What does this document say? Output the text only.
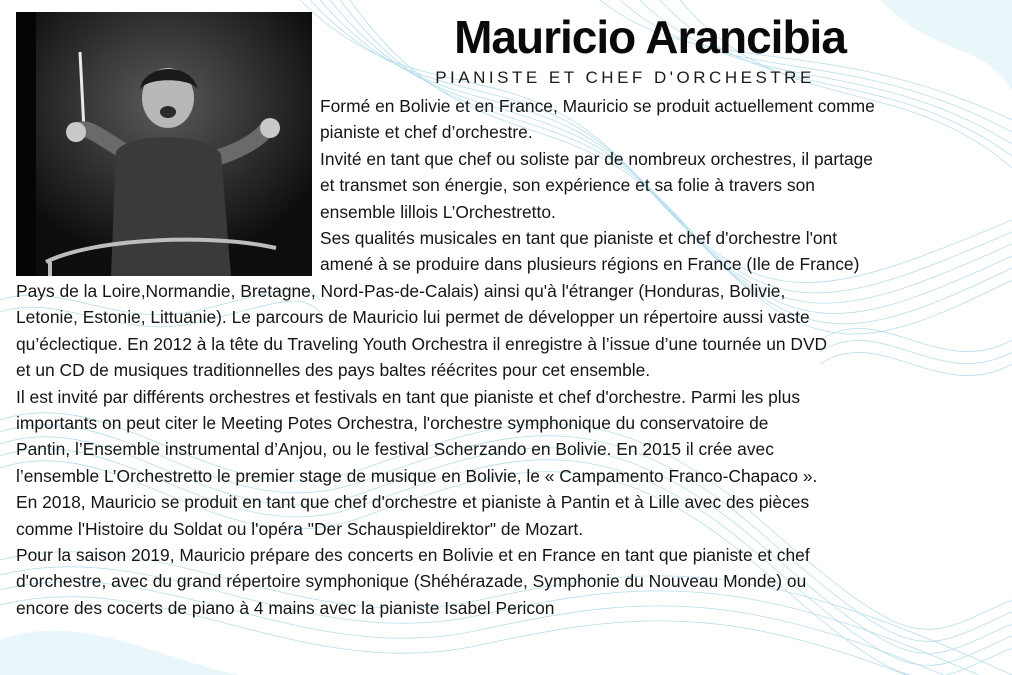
Mauricio Arancibia
PIANISTE ET CHEF D'ORCHESTRE
Formé en Bolivie et en France, Mauricio se produit actuellement comme
pianiste et chef d’orchestre.
Invité en tant que chef ou soliste par de nombreux orchestres, il partage
et transmet son énergie, son expérience et sa folie à travers son
ensemble lillois L’Orchestretto.
Ses qualités musicales en tant que pianiste et chef d'orchestre l'ont
amené à se produire dans plusieurs régions en France (Ile de France)
Pays de la Loire,Normandie, Bretagne, Nord-Pas-de-Calais) ainsi qu'à l'étranger (Honduras, Bolivie,
Letonie, Estonie, Littuanie). Le parcours de Mauricio lui permet de développer un répertoire aussi vaste
qu’éclectique. En 2012 à la tête du Traveling Youth Orchestra il enregistre à l’issue d’une tournée un DVD
et un CD de musiques traditionnelles des pays baltes réécrites pour cet ensemble.
Il est invité par différents orchestres et festivals en tant que pianiste et chef d'orchestre. Parmi les plus
importants on peut citer le Meeting Potes Orchestra, l'orchestre symphonique du conservatoire de
Pantin, l’Ensemble instrumental d’Anjou, ou le festival Scherzando en Bolivie. En 2015 il crée avec
l’ensemble L’Orchestretto le premier stage de musique en Bolivie, le « Campamento Franco-Chapaco ».
En 2018, Mauricio se produit en tant que chef d'orchestre et pianiste à Pantin et à Lille avec des pièces
comme l'Histoire du Soldat ou l'opéra "Der Schauspieldirektor" de Mozart.
Pour la saison 2019, Mauricio prépare des concerts en Bolivie et en France en tant que pianiste et chef
d'orchestre, avec du grand répertoire symphonique (Shéhérazade, Symphonie du Nouveau Monde) ou
encore des cocerts de piano à 4 mains avec la pianiste Isabel Pericon
